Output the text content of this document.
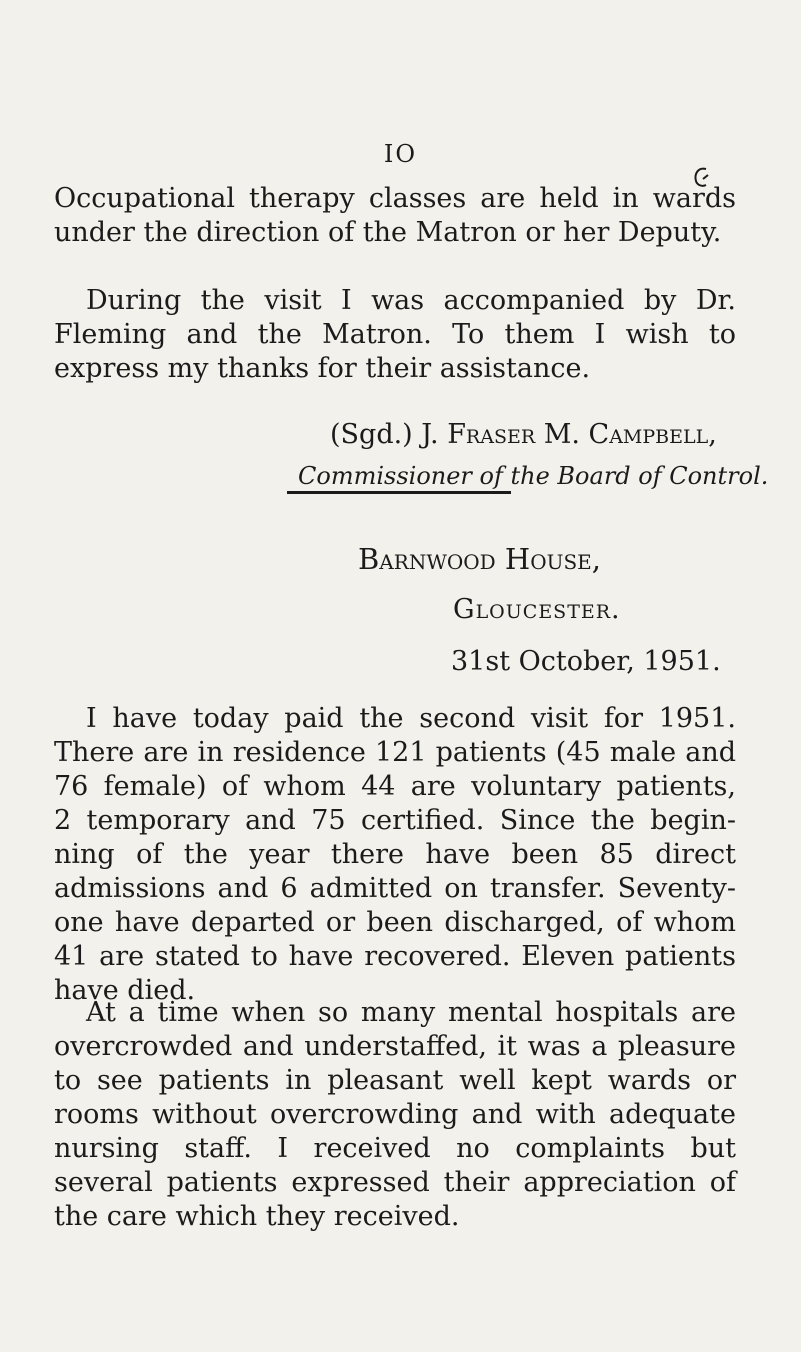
IO
Occupational therapy classes are held in wards
under the direction of the Matron or her Deputy.
During the visit I was accompanied by Dr.
Fleming and the Matron. To them I wish to
express my thanks for their assistance.
(Sgd.) J. Fraser M. Campbell,
Commissioner of the Board of Control.
Barnwood House,
Gloucester.
31st October, 1951.
I have today paid the second visit for 1951.
There are in residence 121 patients (45 male and
76 female) of whom 44 are voluntary patients,
2 temporary and 75 certified. Since the begin-
ning of the year there have been 85 direct
admissions and 6 admitted on transfer. Seventy-
one have departed or been discharged, of whom
41 are stated to have recovered. Eleven patients
have died.
At a time when so many mental hospitals are
overcrowded and understaffed, it was a pleasure
to see patients in pleasant well kept wards or
rooms without overcrowding and with adequate
nursing staff. I received no complaints but
several patients expressed their appreciation of
the care which they received.
